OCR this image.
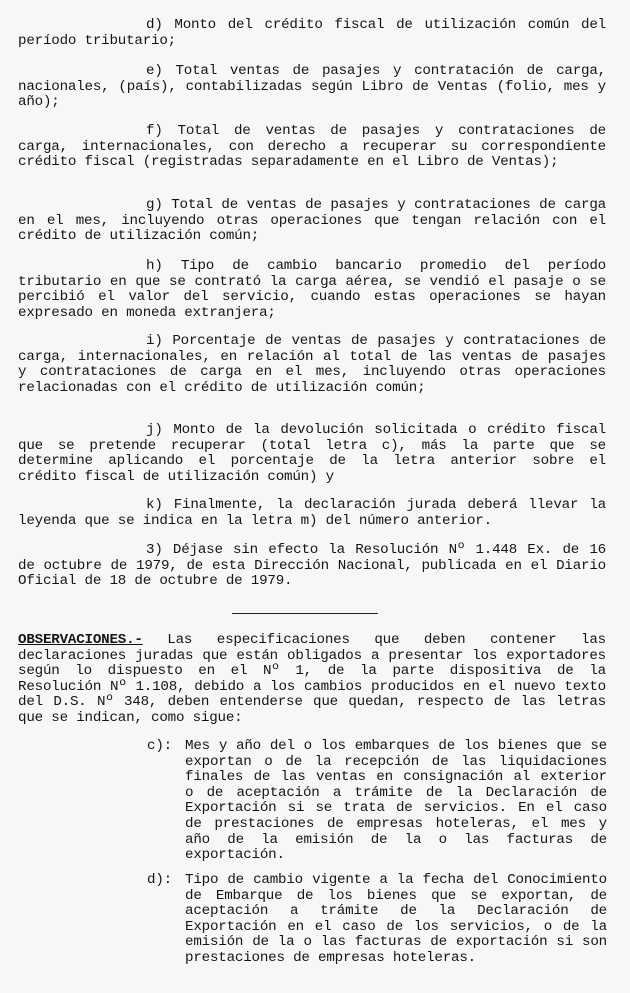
d) Monto del crédito fiscal de utilización común del período tributario;

e) Total ventas de pasajes y contratación de carga, nacionales, (país), contabilizadas según Libro de Ventas (folio, mes y año);

f) Total de ventas de pasajes y contrataciones de carga, internacionales, con derecho a recuperar su correspondiente crédito fiscal (registradas separadamente en el Libro de Ventas);

g) Total de ventas de pasajes y contrataciones de carga en el mes, incluyendo otras operaciones que tengan relación con el crédito de utilización común;

h) Tipo de cambio bancario promedio del período tributario en que se contrató la carga aérea, se vendió el pasaje o se percibió el valor del servicio, cuando estas operaciones se hayan expresado en moneda extranjera;

i) Porcentaje de ventas de pasajes y contrataciones de carga, internacionales, en relación al total de las ventas de pasajes y contrataciones de carga en el mes, incluyendo otras operaciones relacionadas con el crédito de utilización común;

j) Monto de la devolución solicitada o crédito fiscal que se pretende recuperar (total letra c), más la parte que se determine aplicando el porcentaje de la letra anterior sobre el crédito fiscal de utilización común) y

k) Finalmente, la declaración jurada deberá llevar la leyenda que se indica en la letra m) del número anterior.

3) Déjase sin efecto la Resolución Nº 1.448 Ex. de 16 de octubre de 1979, de esta Dirección Nacional, publicada en el Diario Oficial de 18 de octubre de 1979.

OBSERVACIONES.- Las especificaciones que deben contener las declaraciones juradas que están obligados a presentar los exportadores según lo dispuesto en el Nº 1, de la parte dispositiva de la Resolución Nº 1.108, debido a los cambios producidos en el nuevo texto del D.S. Nº 348, deben entenderse que quedan, respecto de las letras que se indican, como sigue:

c): Mes y año del o los embarques de los bienes que se exportan o de la recepción de las liquidaciones finales de las ventas en consignación al exterior o de aceptación a trámite de la Declaración de Exportación si se trata de servicios. En el caso de prestaciones de empresas hoteleras, el mes y año de la emisión de la o las facturas de exportación.
d): Tipo de cambio vigente a la fecha del Conocimiento de Embarque de los bienes que se exportan, de aceptación a trámite de la Declaración de Exportación en el caso de los servicios, o de la emisión de la o las facturas de exportación si son prestaciones de empresas hoteleras.
